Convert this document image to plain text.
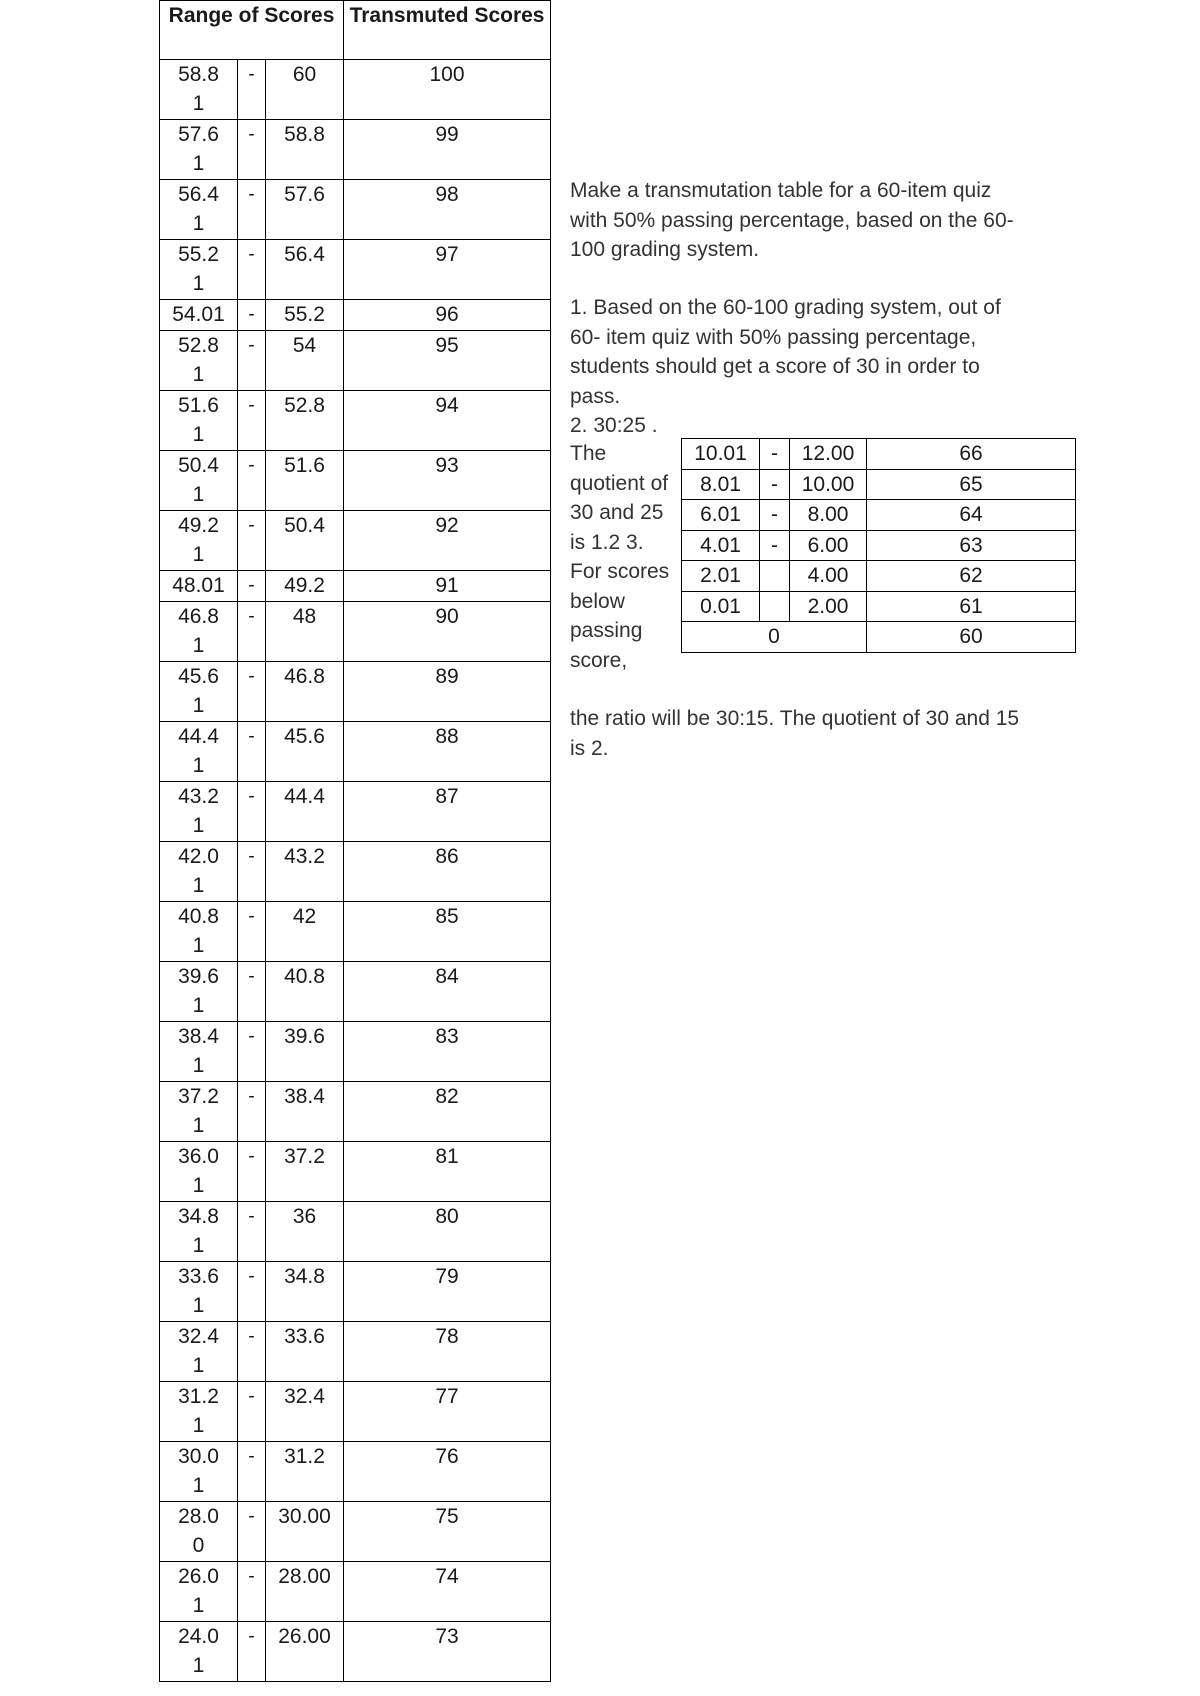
Range of Scores			Transmuted Scores

58.8
1	-	60	100

57.6
1	-	58.8	99

56.4
1	-	57.6	98

55.2
1	-	56.4	97

54.01	-	55.2	96

52.8
1	-	54	95

51.6
1	-	52.8	94

50.4
1	-	51.6	93

49.2
1	-	50.4	92

48.01	-	49.2	91

46.8
1	-	48	90

45.6
1	-	46.8	89

44.4
1	-	45.6	88

43.2
1	-	44.4	87

42.0
1	-	43.2	86

40.8
1	-	42	85

39.6
1	-	40.8	84

38.4
1	-	39.6	83

37.2
1	-	38.4	82

36.0
1	-	37.2	81

34.8
1	-	36	80

33.6
1	-	34.8	79

32.4
1	-	33.6	78

31.2
1	-	32.4	77

30.0
1	-	31.2	76

28.0
0	-	30.00	75

26.0
1	-	28.00	74

24.0
1	-	26.00	73
Make a transmutation table for a 60-item quiz with 50% passing percentage, based on the 60-100 grading system.
1. Based on the 60-100 grading system, out of 60- item quiz with 50% passing percentage, students should get a score of 30 in order to pass.
2. 30:25 .
The quotient of 30 and 25 is 1.2 3. For scores below passing score,
10.01	-	12.00	66
8.01	-	10.00	65
6.01	-	8.00	64
4.01	-	6.00	63
2.01		4.00	62
0.01		2.00	61
0			60
the ratio will be 30:15. The quotient of 30 and 15 is 2.
